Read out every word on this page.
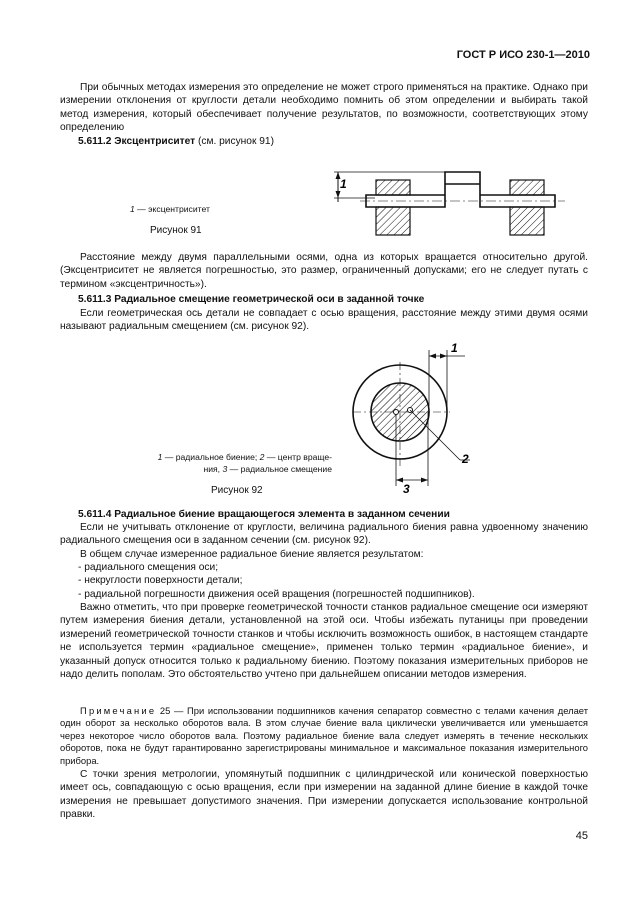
ГОСТ Р ИСО 230-1—2010

При обычных методах измерения это определение не может строго применяться на практике. Однако при измерении отклонения от круглости детали необходимо помнить об этом определении и выбирать такой метод измерения, который обеспечивает получение результатов, по возможности, соответствующих этому определению

5.611.2 Эксцентриситет (см. рисунок 91)
1 — эксцентриситет
Рисунок 91
1

Расстояние между двумя параллельными осями, одна из которых вращается относительно другой. (Эксцентриситет не является погрешностью, это размер, ограниченный допусками; его не следует путать с термином «эксцентричность»).

5.611.3 Радиальное смещение геометрической оси в заданной точке

Если геометрическая ось детали не совпадает с осью вращения, расстояние между этими двумя осями называют радиальным смещением (см. рисунок 92).

1
2
3
1 — радиальное биение; 2 — центр враще-
ния, 3 — радиальное смещение
Рисунок 92
5.611.4 Радиальное биение вращающегося элемента в заданном сечении

Если не учитывать отклонение от круглости, величина радиального биения равна удвоенному значению радиального смещения оси в заданном сечении (см. рисунок 92).

В общем случае измеренное радиальное биение является результатом:

- радиального смещения оси;
- некруглости поверхности детали;
- радиальной погрешности движения осей вращения (погрешностей подшипников).

Важно отметить, что при проверке геометрической точности станков радиальное смещение оси измеряют путем измерения биения детали, установленной на этой оси. Чтобы избежать путаницы при проведении измерений геометрической точности станков и чтобы исключить возможность ошибок, в настоящем стандарте не используется термин «радиальное смещение», применен только термин «радиальное биение», и указанный допуск относится только к радиальному биению. Поэтому показания измерительных приборов не надо делить пополам. Это обстоятельство учтено при дальнейшем описании методов измерения.

Примечание 25 — При использовании подшипников качения сепаратор совместно с телами качения делает один оборот за несколько оборотов вала. В этом случае биение вала циклически увеличивается или уменьшается через некоторое число оборотов вала. Поэтому радиальное биение вала следует измерять в течение нескольких оборотов, пока не будут гарантированно зарегистрированы минимальное и максимальное показания измерительного прибора.

С точки зрения метрологии, упомянутый подшипник с цилиндрической или конической поверхностью имеет ось, совпадающую с осью вращения, если при измерении на заданной длине биение в каждой точке измерения не превышает допустимого значения. При измерении допускается использование контрольной правки.

45
